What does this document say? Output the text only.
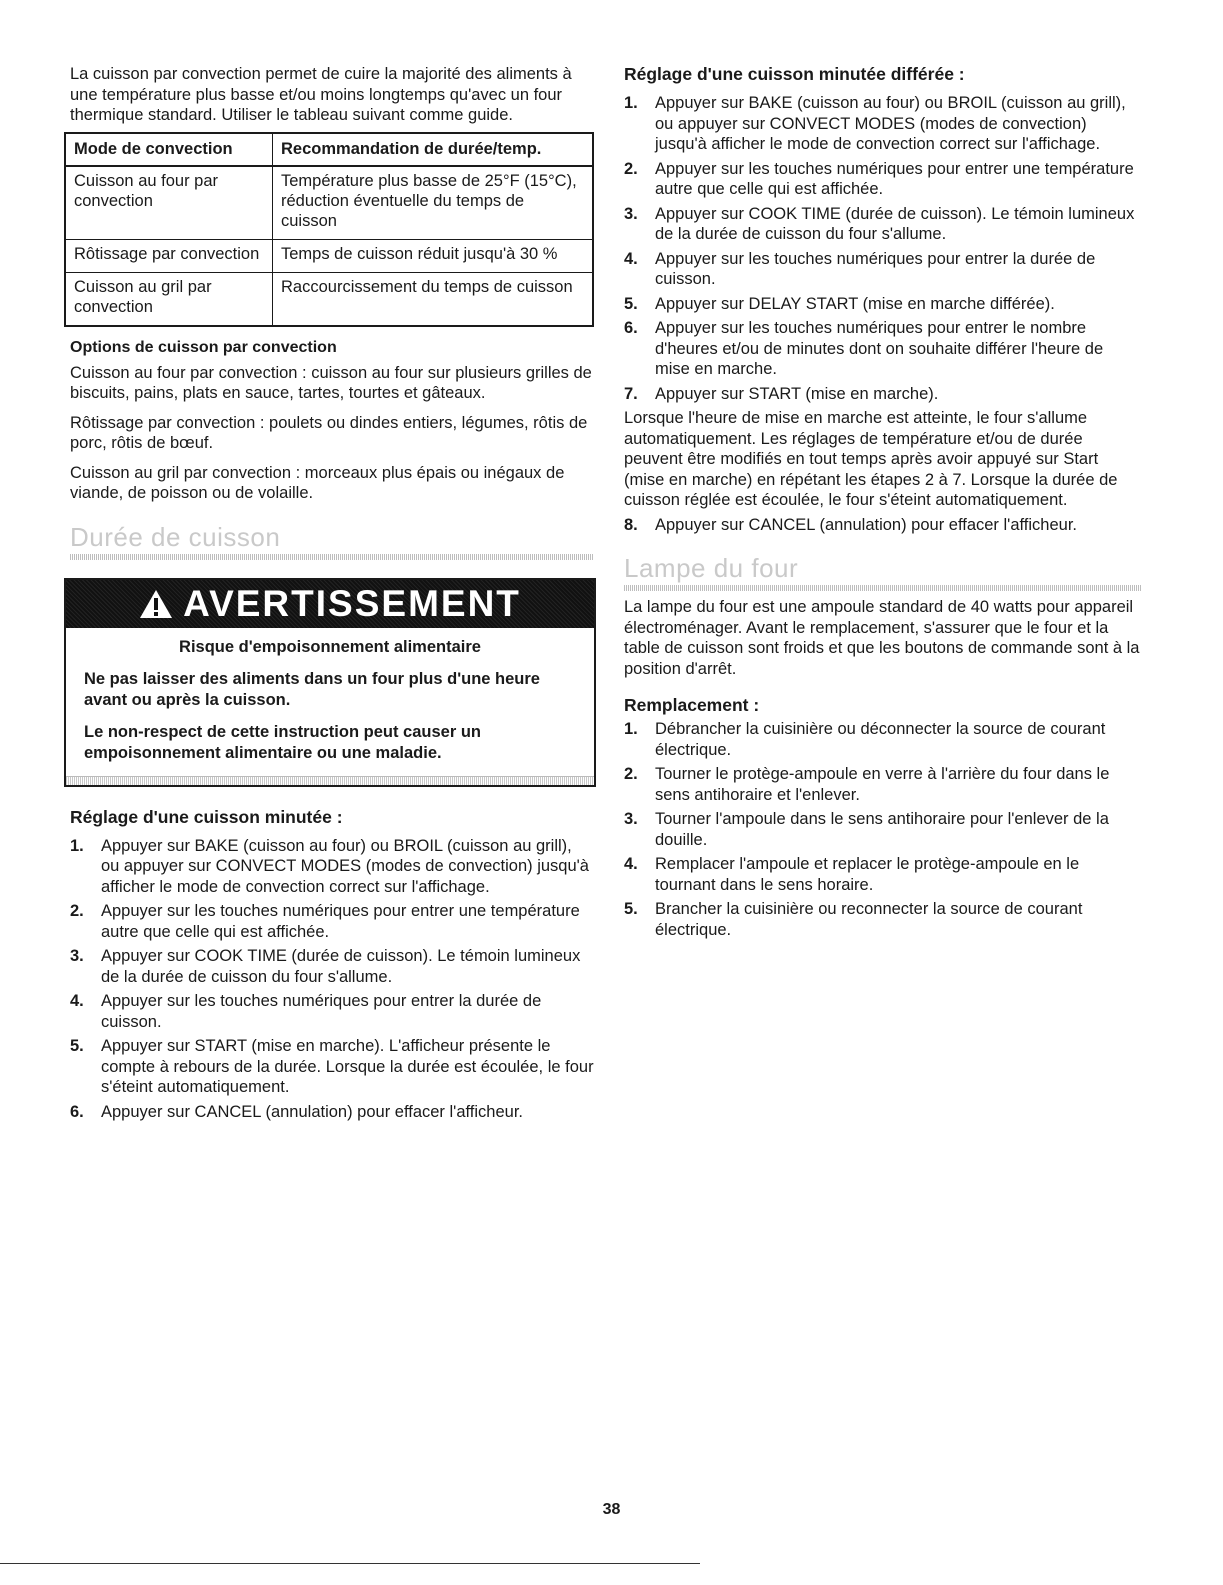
La cuisson par convection permet de cuire la majorité des aliments à une température plus basse et/ou moins longtemps qu'avec un four thermique standard. Utiliser le tableau suivant comme guide.

Mode de convection	Recommandation de durée/temp.
Cuisson au four par convection	Température plus basse de 25°F (15°C), réduction éventuelle du temps de cuisson
Rôtissage par convection	Temps de cuisson réduit jusqu'à 30 %
Cuisson au gril par convection	Raccourcissement du temps de cuisson

Options de cuisson par convection

Cuisson au four par convection : cuisson au four sur plusieurs grilles de biscuits, pains, plats en sauce, tartes, tourtes et gâteaux.

Rôtissage par convection : poulets ou dindes entiers, légumes, rôtis de porc, rôtis de bœuf.

Cuisson au gril par convection : morceaux plus épais ou inégaux de viande, de poisson ou de volaille.

Durée de cuisson
AVERTISSEMENT

Risque d'empoisonnement alimentaire

Ne pas laisser des aliments dans un four plus d'une heure avant ou après la cuisson.

Le non-respect de cette instruction peut causer un empoisonnement alimentaire ou une maladie.

Réglage d'une cuisson minutée :
1. Appuyer sur BAKE (cuisson au four) ou BROIL (cuisson au grill), ou appuyer sur CONVECT MODES (modes de convection) jusqu'à afficher le mode de convection correct sur l'affichage.
2. Appuyer sur les touches numériques pour entrer une température autre que celle qui est affichée.
3. Appuyer sur COOK TIME (durée de cuisson). Le témoin lumineux de la durée de cuisson du four s'allume.
4. Appuyer sur les touches numériques pour entrer la durée de cuisson.
5. Appuyer sur START (mise en marche). L'afficheur présente le compte à rebours de la durée. Lorsque la durée est écoulée, le four s'éteint automatiquement.
6. Appuyer sur CANCEL (annulation) pour effacer l'afficheur.
Réglage d'une cuisson minutée différée :
1. Appuyer sur BAKE (cuisson au four) ou BROIL (cuisson au grill), ou appuyer sur CONVECT MODES (modes de convection) jusqu'à afficher le mode de convection correct sur l'affichage.
2. Appuyer sur les touches numériques pour entrer une température autre que celle qui est affichée.
3. Appuyer sur COOK TIME (durée de cuisson). Le témoin lumineux de la durée de cuisson du four s'allume.
4. Appuyer sur les touches numériques pour entrer la durée de cuisson.
5. Appuyer sur DELAY START (mise en marche différée).
6. Appuyer sur les touches numériques pour entrer le nombre d'heures et/ou de minutes dont on souhaite différer l'heure de mise en marche.
7. Appuyer sur START (mise en marche).

Lorsque l'heure de mise en marche est atteinte, le four s'allume automatiquement. Les réglages de température et/ou de durée peuvent être modifiés en tout temps après avoir appuyé sur Start (mise en marche) en répétant les étapes 2 à 7. Lorsque la durée de cuisson réglée est écoulée, le four s'éteint automatiquement.

8. Appuyer sur CANCEL (annulation) pour effacer l'afficheur.
Lampe du four

La lampe du four est une ampoule standard de 40 watts pour appareil électroménager. Avant le remplacement, s'assurer que le four et la table de cuisson sont froids et que les boutons de commande sont à la position d'arrêt.

Remplacement :
1. Débrancher la cuisinière ou déconnecter la source de courant électrique.
2. Tourner le protège-ampoule en verre à l'arrière du four dans le sens antihoraire et l'enlever.
3. Tourner l'ampoule dans le sens antihoraire pour l'enlever de la douille.
4. Remplacer l'ampoule et replacer le protège-ampoule en le tournant dans le sens horaire.
5. Brancher la cuisinière ou reconnecter la source de courant électrique.
38
